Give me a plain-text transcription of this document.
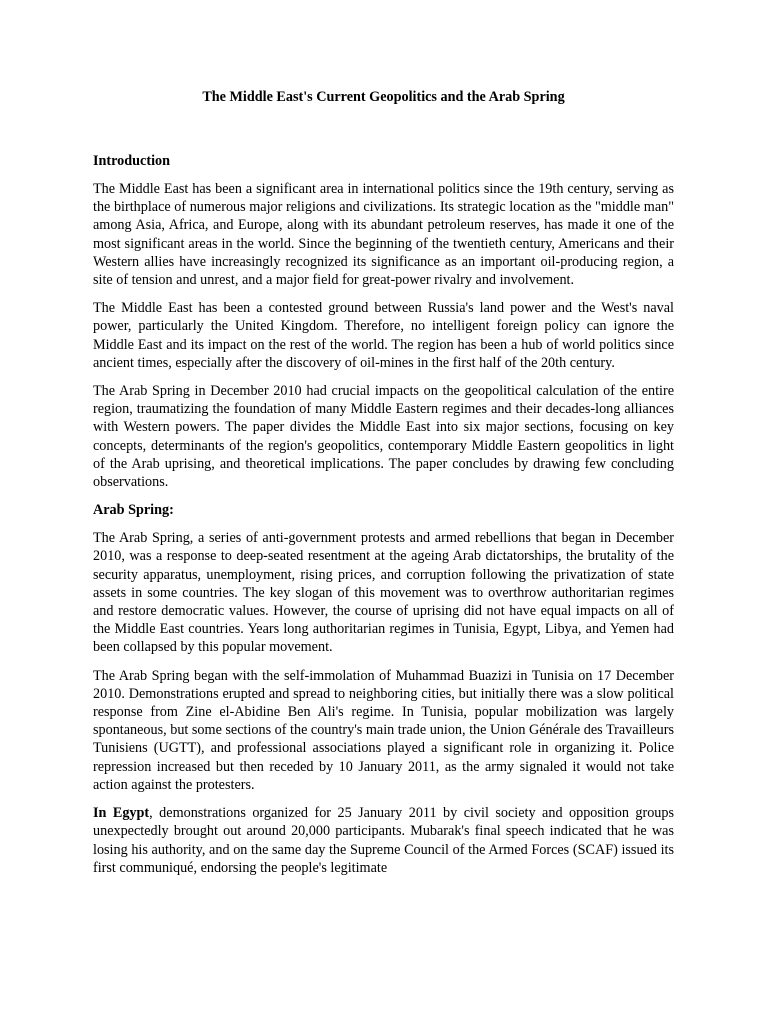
The Middle East's Current Geopolitics and the Arab Spring
Introduction

The Middle East has been a significant area in international politics since the 19th century, serving as the birthplace of numerous major religions and civilizations. Its strategic location as the "middle man" among Asia, Africa, and Europe, along with its abundant petroleum reserves, has made it one of the most significant areas in the world. Since the beginning of the twentieth century, Americans and their Western allies have increasingly recognized its significance as an important oil-producing region, a site of tension and unrest, and a major field for great-power rivalry and involvement.

The Middle East has been a contested ground between Russia's land power and the West's naval power, particularly the United Kingdom. Therefore, no intelligent foreign policy can ignore the Middle East and its impact on the rest of the world. The region has been a hub of world politics since ancient times, especially after the discovery of oil-mines in the first half of the 20th century.

The Arab Spring in December 2010 had crucial impacts on the geopolitical calculation of the entire region, traumatizing the foundation of many Middle Eastern regimes and their decades-long alliances with Western powers. The paper divides the Middle East into six major sections, focusing on key concepts, determinants of the region's geopolitics, contemporary Middle Eastern geopolitics in light of the Arab uprising, and theoretical implications. The paper concludes by drawing few concluding observations.

Arab Spring:

The Arab Spring, a series of anti-government protests and armed rebellions that began in December 2010, was a response to deep-seated resentment at the ageing Arab dictatorships, the brutality of the security apparatus, unemployment, rising prices, and corruption following the privatization of state assets in some countries. The key slogan of this movement was to overthrow authoritarian regimes and restore democratic values. However, the course of uprising did not have equal impacts on all of the Middle East countries. Years long authoritarian regimes in Tunisia, Egypt, Libya, and Yemen had been collapsed by this popular movement.

The Arab Spring began with the self-immolation of Muhammad Buazizi in Tunisia on 17 December 2010. Demonstrations erupted and spread to neighboring cities, but initially there was a slow political response from Zine el-Abidine Ben Ali's regime. In Tunisia, popular mobilization was largely spontaneous, but some sections of the country's main trade union, the Union Générale des Travailleurs Tunisiens (UGTT), and professional associations played a significant role in organizing it. Police repression increased but then receded by 10 January 2011, as the army signaled it would not take action against the protesters.

In Egypt, demonstrations organized for 25 January 2011 by civil society and opposition groups unexpectedly brought out around 20,000 participants. Mubarak's final speech indicated that he was losing his authority, and on the same day the Supreme Council of the Armed Forces (SCAF) issued its first communiqué, endorsing the people's legitimate
